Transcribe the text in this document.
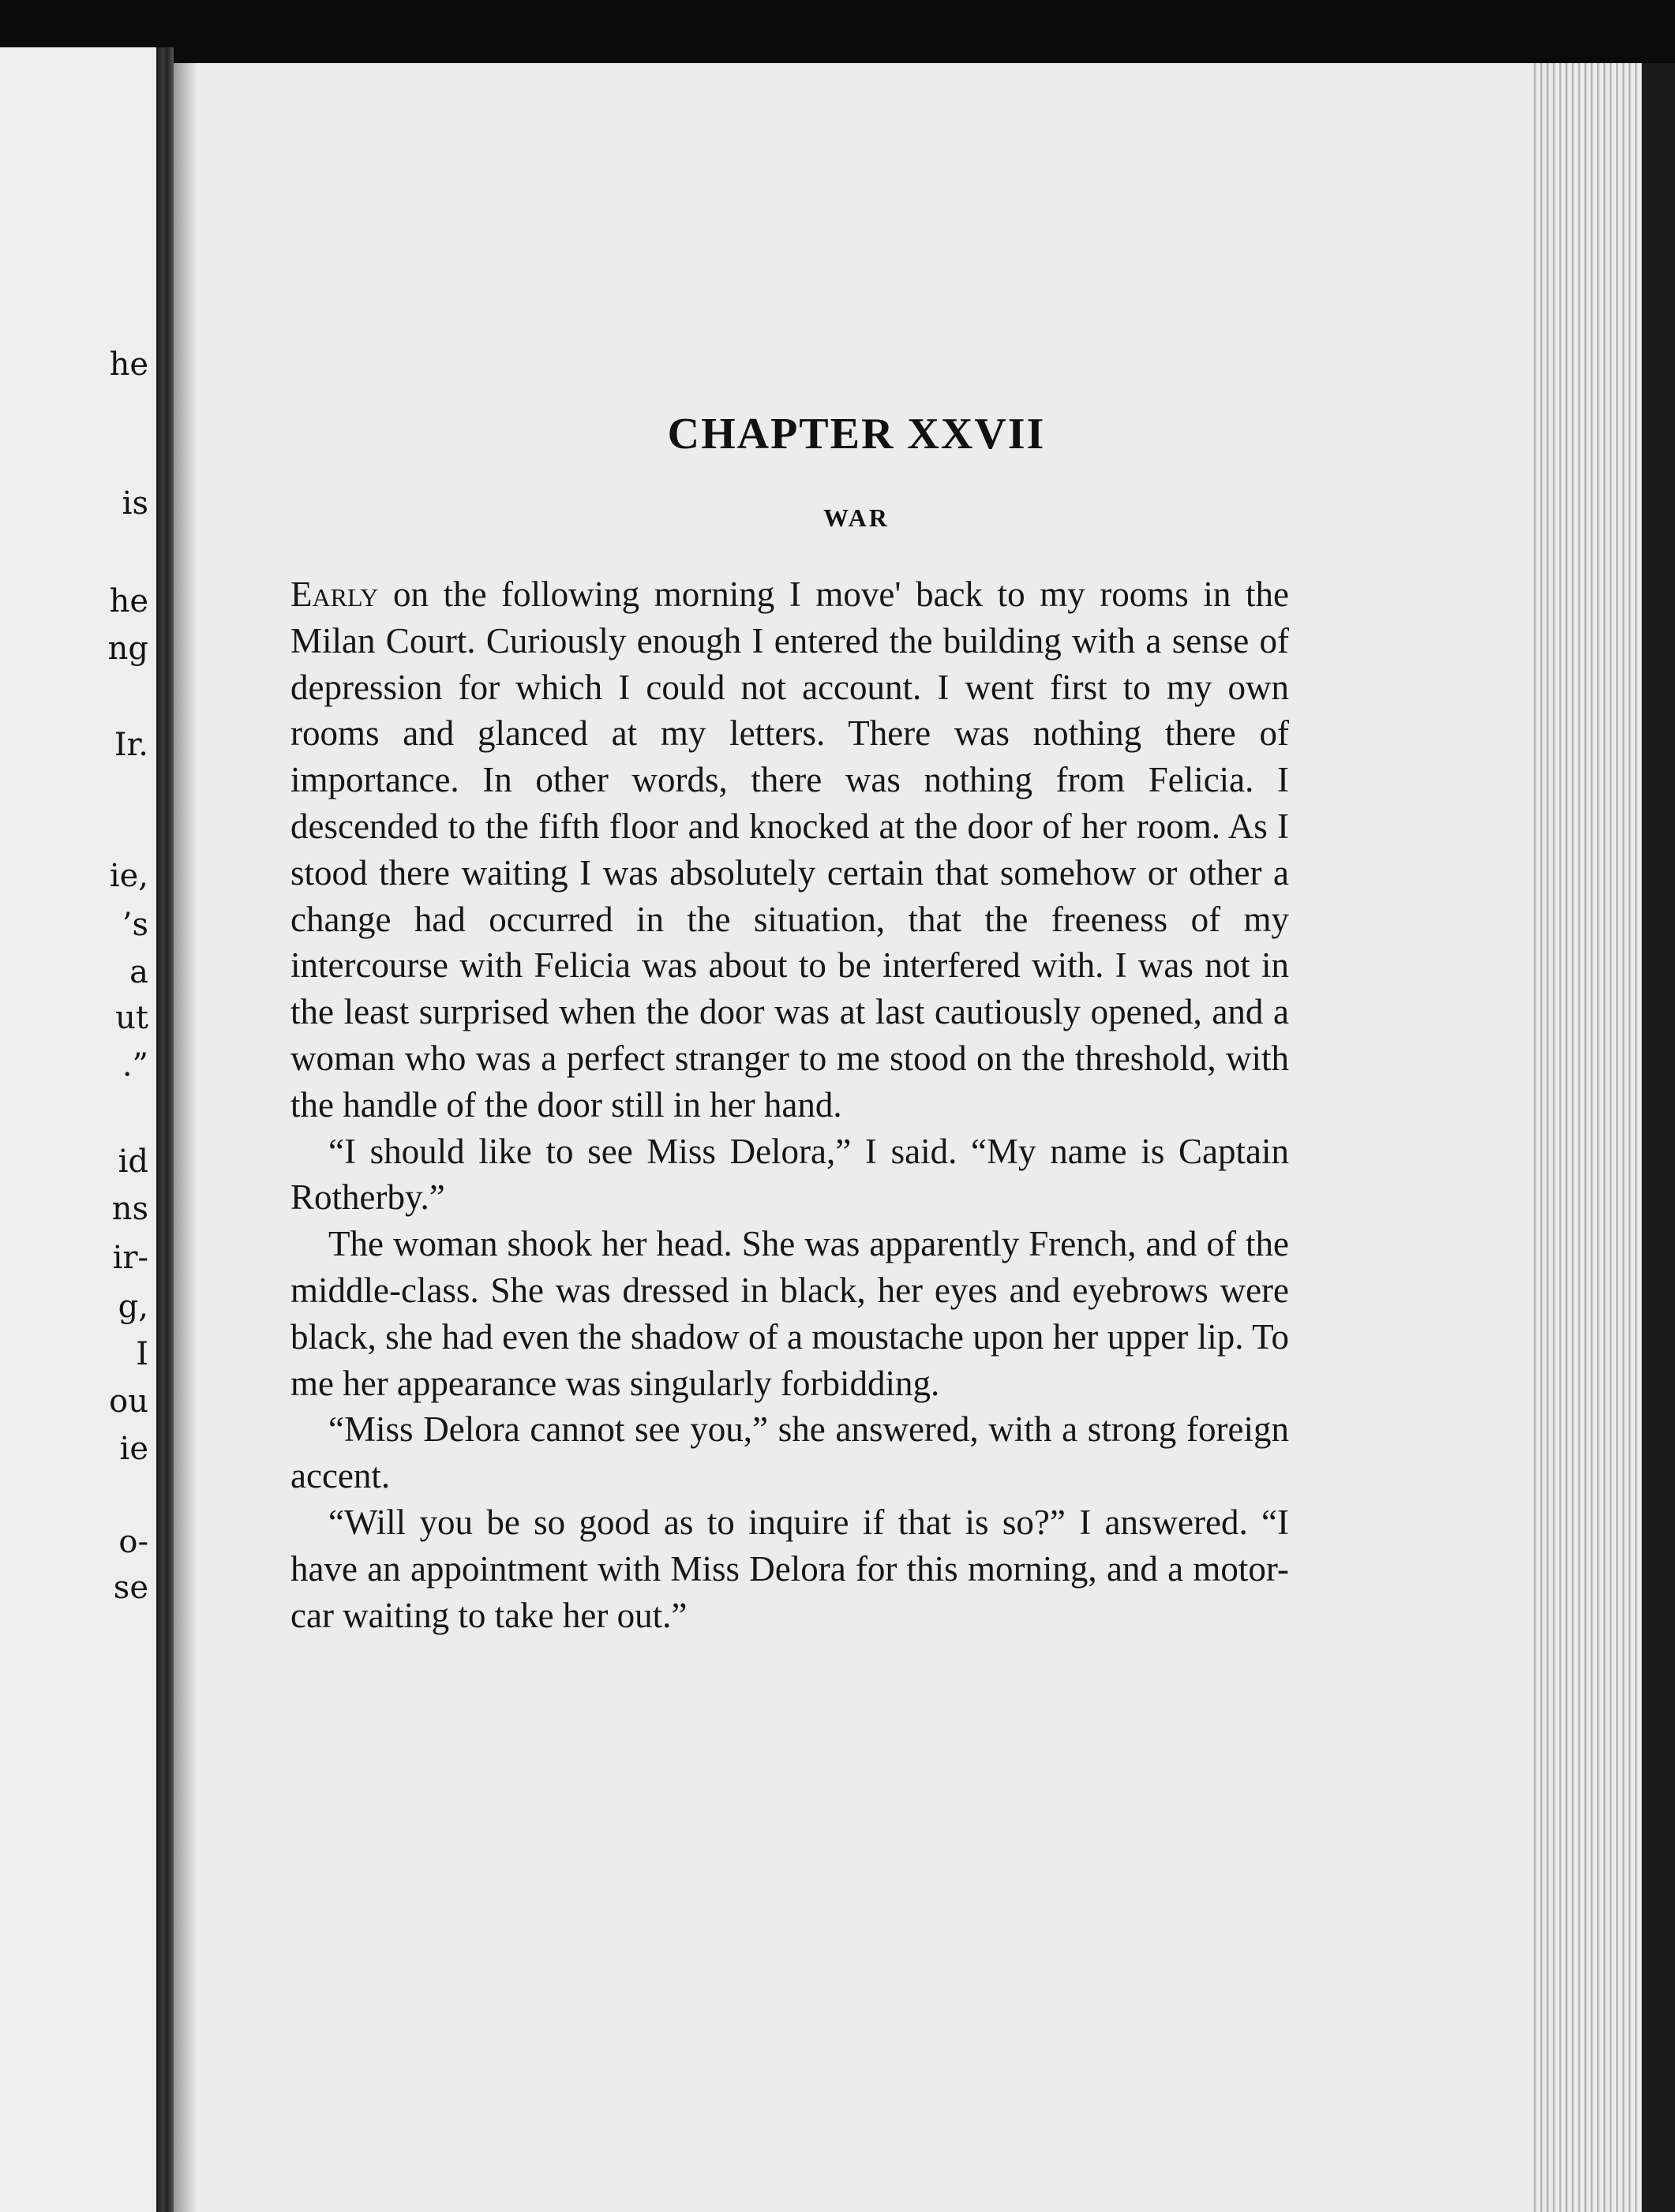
he
is
he
ng
Ir.
ie,
’s
a
ut
.”
id
ns
ir-
g,
I
ou
ie
o-
se
CHAPTER XXVII
WAR

Early on the following morning I move' back to my rooms in the Milan Court. Curiously enough I entered the building with a sense of depression for which I could not account. I went first to my own rooms and glanced at my letters. There was nothing there of importance. In other words, there was nothing from Felicia. I descended to the fifth floor and knocked at the door of her room. As I stood there waiting I was absolutely certain that somehow or other a change had occurred in the situation, that the freeness of my intercourse with Felicia was about to be interfered with. I was not in the least surprised when the door was at last cautiously opened, and a woman who was a perfect stranger to me stood on the threshold, with the handle of the door still in her hand.

“I should like to see Miss Delora,” I said. “My name is Captain Rotherby.”

The woman shook her head. She was apparently French, and of the middle-class. She was dressed in black, her eyes and eyebrows were black, she had even the shadow of a moustache upon her upper lip. To me her appearance was singularly forbidding.

“Miss Delora cannot see you,” she answered, with a strong foreign accent.

“Will you be so good as to inquire if that is so?” I answered. “I have an appointment with Miss Delora for this morning, and a motor-car waiting to take her out.”
